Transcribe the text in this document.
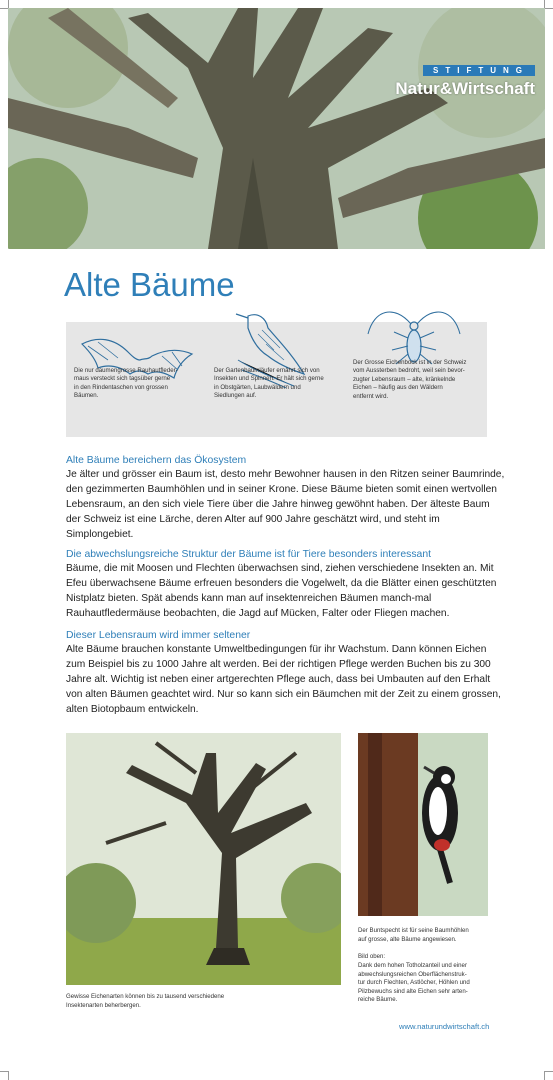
STIFTUNG
Natur&Wirtschaft
Alte Bäume
Die nur daumengrosse Rauhautfleder-
maus versteckt sich tagsüber gerne
in den Rindentaschen von grossen
Bäumen.
Der Gartenbaumläufer ernährt sich von
Insekten und Spinnen. Er hält sich gerne
in Obstgärten, Laubwäldern und
Siedlungen auf.
Der Grosse Eichenbock ist in der Schweiz
vom Aussterben bedroht, weil sein bevor-
zugter Lebensraum – alte, kränkelnde
Eichen – häufig aus den Wäldern
entfernt wird.
Alte Bäume bereichern das Ökosystem

Je älter und grösser ein Baum ist, desto mehr Bewohner hausen in den Ritzen seiner Baumrinde, den gezimmerten Baumhöhlen und in seiner Krone. Diese Bäume bieten somit einen wertvollen Lebensraum, an den sich viele Tiere über die Jahre hinweg gewöhnt haben. Der älteste Baum der Schweiz ist eine Lärche, deren Alter auf 900 Jahre geschätzt wird, und steht im Simplongebiet.

Die abwechslungsreiche Struktur der Bäume ist für Tiere besonders interessant

Bäume, die mit Moosen und Flechten überwachsen sind, ziehen verschiedene Insekten an. Mit Efeu überwachsene Bäume erfreuen besonders die Vogelwelt, da die Blätter einen geschützten Nistplatz bieten. Spät abends kann man auf insektenreichen Bäumen manch-mal Rauhautfledermäuse beobachten, die Jagd auf Mücken, Falter oder Fliegen machen.

Dieser Lebensraum wird immer seltener

Alte Bäume brauchen konstante Umweltbedingungen für ihr Wachstum. Dann können Eichen zum Beispiel bis zu 1000 Jahre alt werden. Bei der richtigen Pflege werden Buchen bis zu 300 Jahre alt. Wichtig ist neben einer artgerechten Pflege auch, dass bei Umbauten auf den Erhalt von alten Bäumen geachtet wird. Nur so kann sich ein Bäumchen mit der Zeit zu einem grossen, alten Biotopbaum entwickeln.

Gewisse Eichenarten können bis zu tausend verschiedene
Insektenarten beherbergen.
Der Buntspecht ist für seine Baumhöhlen
auf grosse, alte Bäume angewiesen.
Bild oben:
Dank dem hohen Totholzanteil und einer
abwechslungsreichen Oberflächenstruk-
tur durch Flechten, Astlöcher, Höhlen und
Pilzbewuchs sind alte Eichen sehr arten-
reiche Bäume.
www.naturundwirtschaft.ch
